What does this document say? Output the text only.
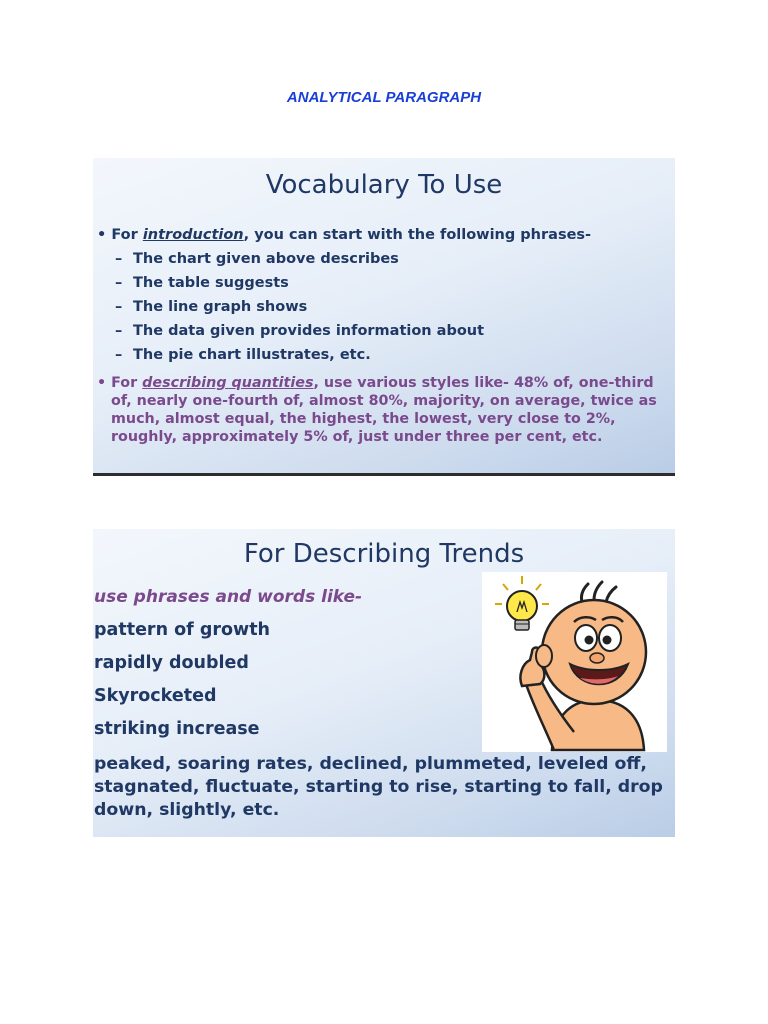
ANALYTICAL PARAGRAPH
Vocabulary To Use
• For introduction, you can start with the following phrases-
– The chart given above describes
– The table suggests
– The line graph shows
– The data given provides information about
– The pie chart illustrates, etc.
• For describing quantities, use various styles like- 48% of, one-third of, nearly one-fourth of, almost 80%, majority, on average, twice as much, almost equal, the highest, the lowest, very close to 2%, roughly, approximately 5% of, just under three per cent, etc.
For Describing Trends
use phrases and words like-
pattern of growth
rapidly doubled
Skyrocketed
striking increase
peaked, soaring rates, declined, plummeted, leveled off, stagnated, fluctuate, starting to rise, starting to fall, drop down, slightly, etc.
